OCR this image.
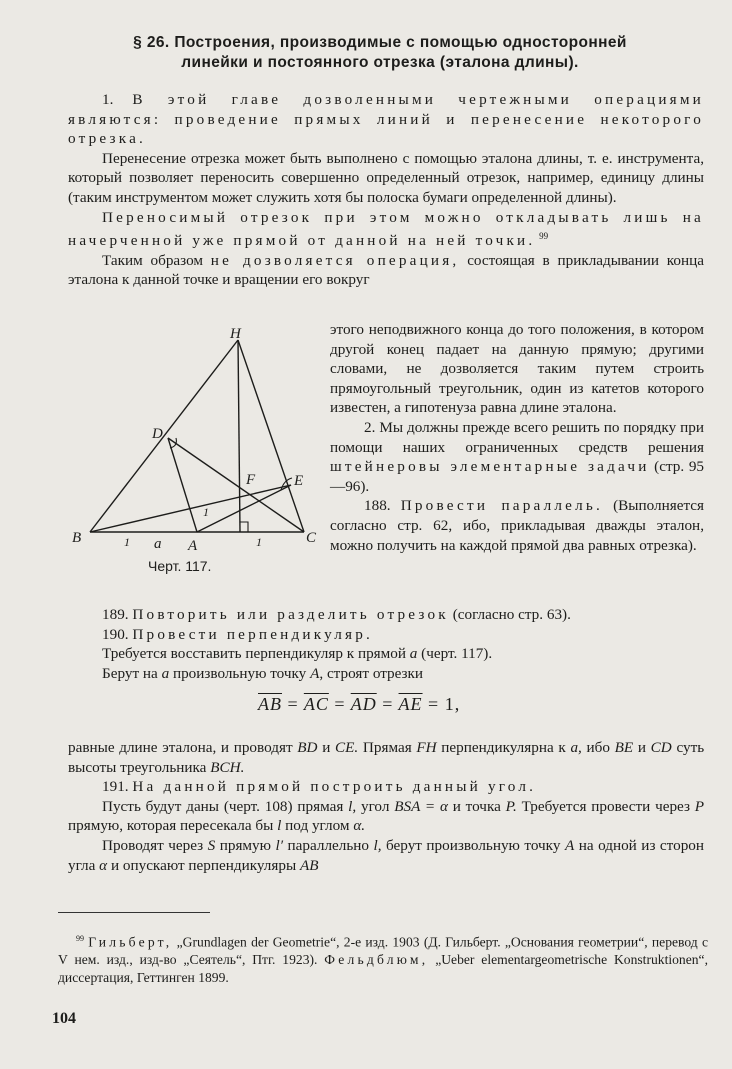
§ 26. Построения, производимые с помощью односторонней
линейки и постоянного отрезка (эталона длины).

1. В этой главе дозволенными чертежными операциями являются: проведение прямых линий и перенесение некоторого отрезка.

Перенесение отрезка может быть выполнено с помощью эталона длины, т. е. инструмента, который позволяет переносить совершенно определенный отрезок, например, единицу длины (таким инструментом может служить хотя бы полоска бумаги определенной длины).

Переносимый отрезок при этом можно откладывать лишь на начерченной уже прямой от данной на ней точки. $^{99}$

Таким образом не дозволяется операция, состоящая в прикладывании конца эталона к данной точке и вращении его вокруг

H
D
F	E
B	A	C
a
1	1
1
Черт. 117.

этого неподвижного конца до того положения, в котором другой конец падает на данную прямую; другими словами, не дозволяется таким путем строить прямоугольный треугольник, один из катетов которого известен, а гипотенуза равна длине эталона.

2. Мы должны прежде всего решить по порядку при помощи наших ограниченных средств решения штейнеровы элементарные задачи (стр. 95—96).

188. Провести параллель. (Выполняется согласно стр. 62, ибо, прикладывая дважды эталон, можно получить на каждой прямой два равных отрезка).

189. Повторить или разделить отрезок (согласно стр. 63).

190. Провести перпендикуляр.

Требуется восставить перпендикуляр к прямой a (черт. 117).

Берут на a произвольную точку A, строят отрезки

$\overline{AB} = \overline{AC} = \overline{AD} = \overline{AE} = 1$,

равные длине эталона, и проводят BD и CE. Прямая FH перпендикулярна к a, ибо BE и CD суть высоты треугольника BCH.

191. На данной прямой построить данный угол.

Пусть будут даны (черт. 108) прямая l, угол BSA = α и точка P. Требуется провести через P прямую, которая пересекала бы l под углом α.

Проводят через S прямую l′ параллельно l, берут произвольную точку A на одной из сторон угла α и опускают перпендикуляры AB

$^{99}$ Гильберт, „Grundlagen der Geometrie“, 2-е изд. 1903 (Д. Гильберт. „Основания геометрии“, перевод с V нем. изд., изд-во „Сеятель“, Птг. 1923). Фельдблюм, „Ueber elementargeometrische Konstruktionen“, диссертация, Геттинген 1899.

104
